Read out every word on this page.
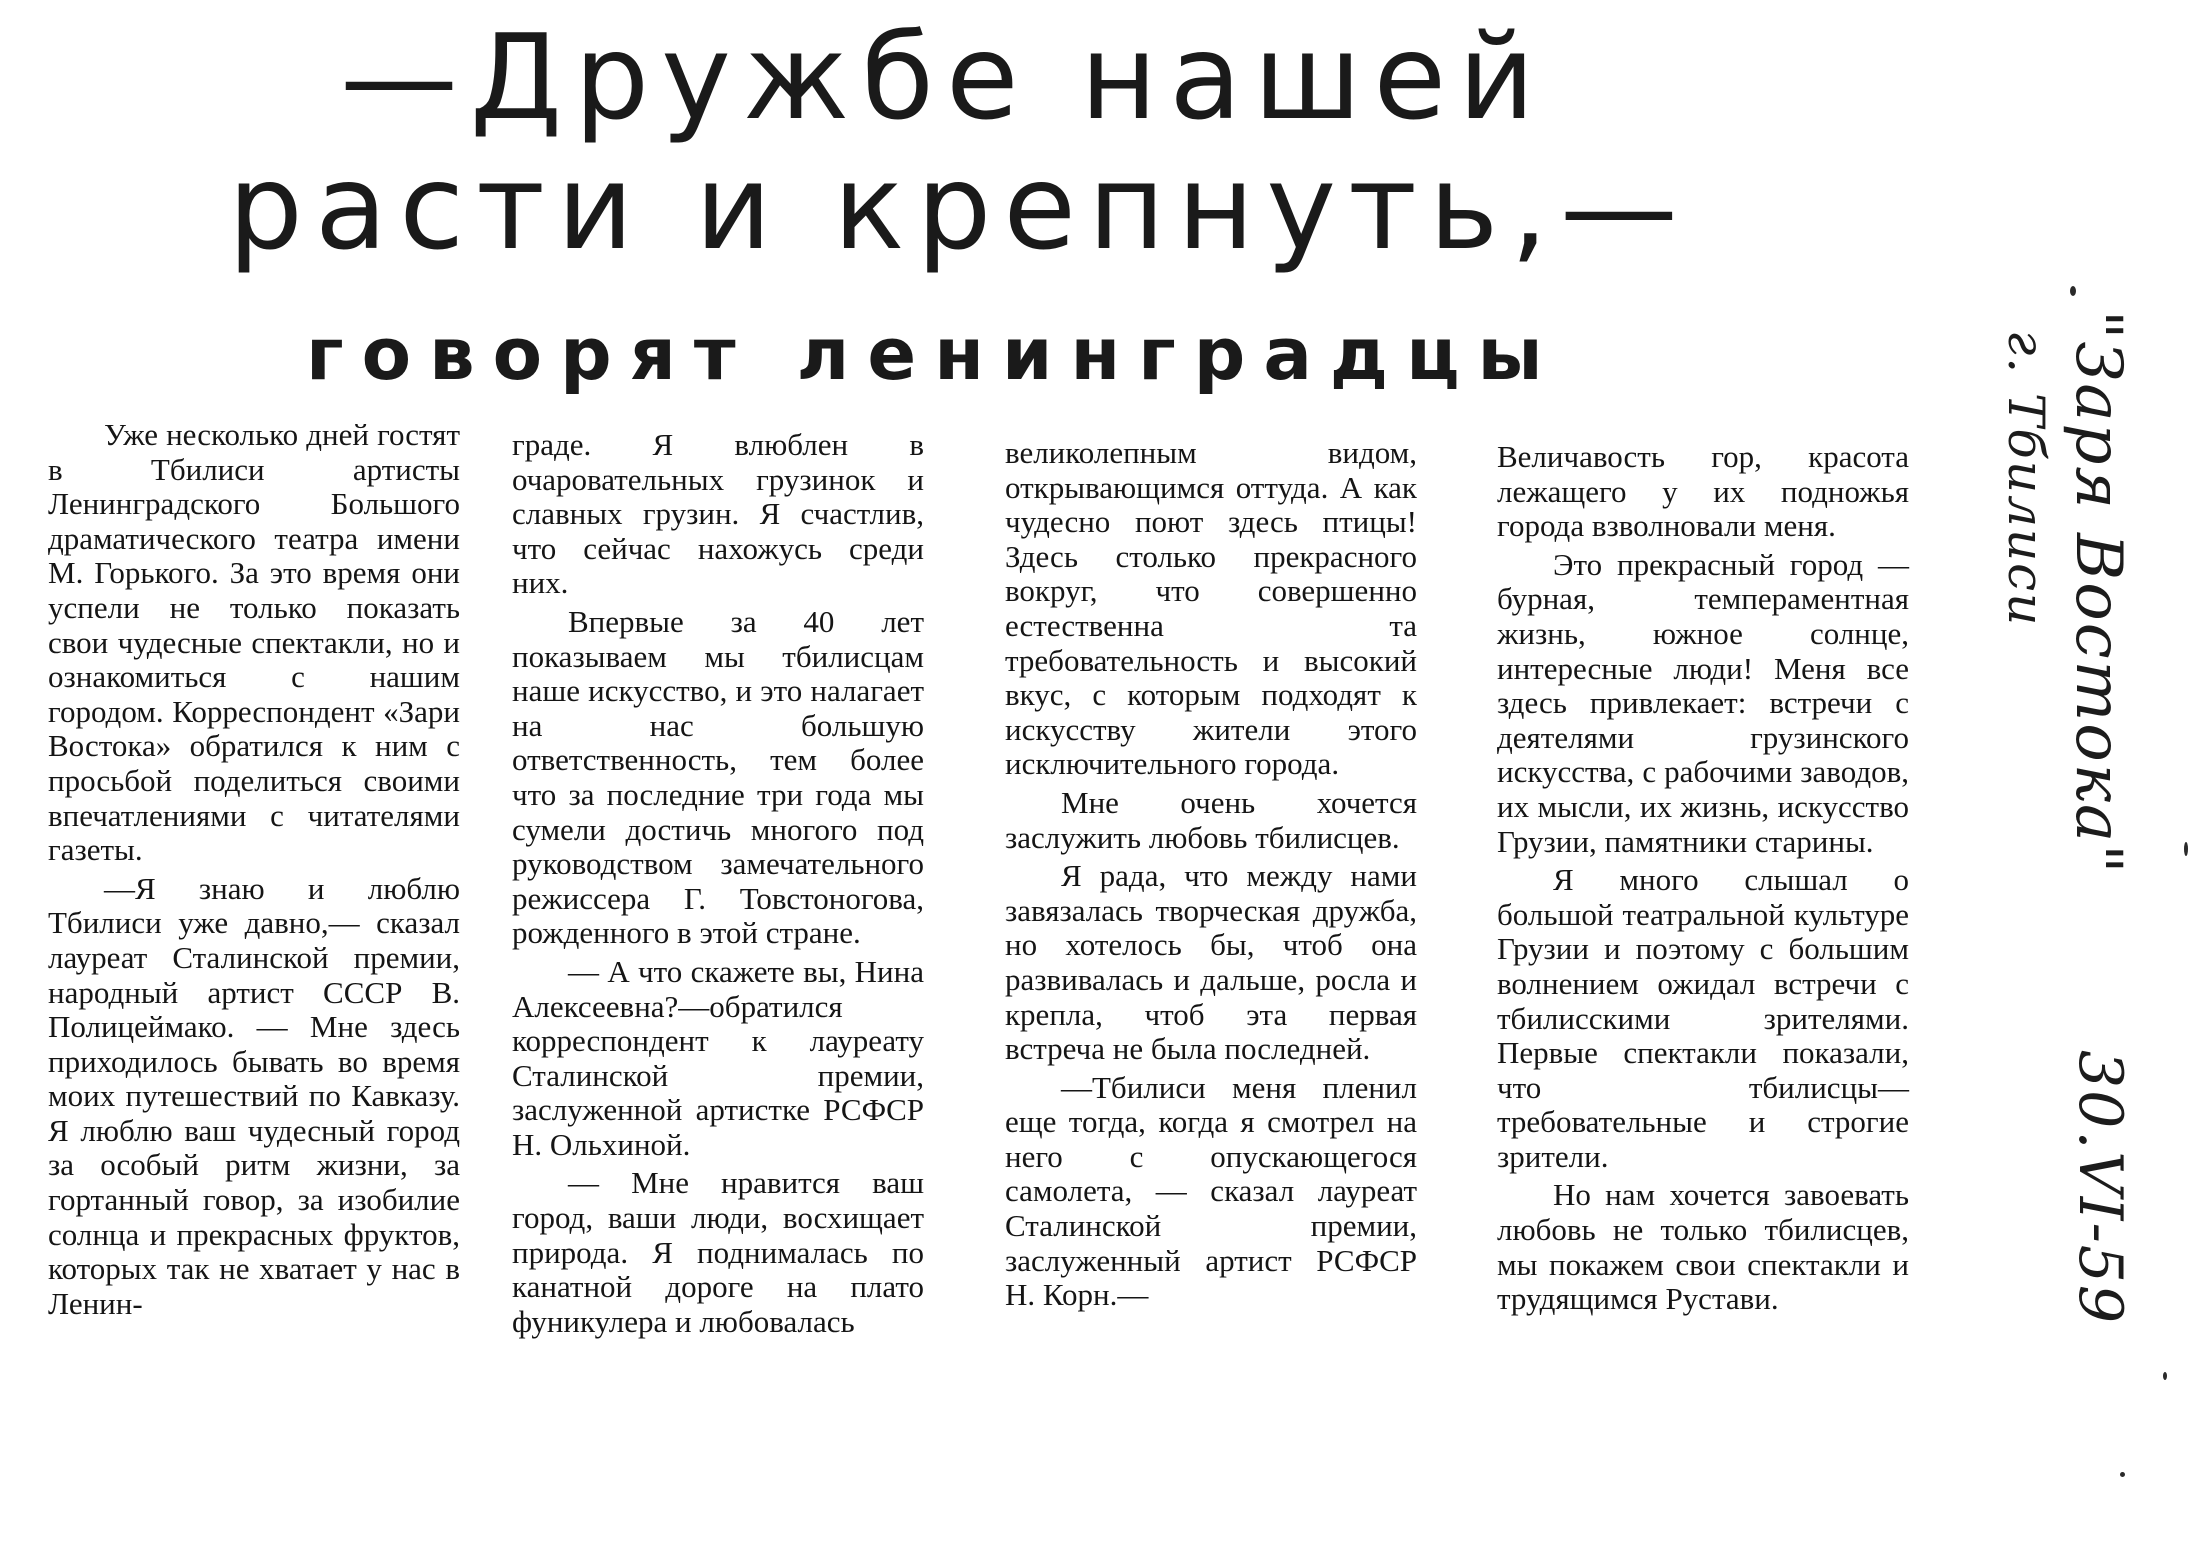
—Дружбе нашей
расти и крепнуть,—
говорят ленинградцы

Уже несколько дней гостят в Тбилиси артисты Ленинградского Большого драматического театра имени М. Горького. За это время они успели не только показать свои чудесные спектакли, но и ознакомиться с нашим городом. Корреспондент «Зари Востока» обратился к ним с просьбой поделиться своими впечатлениями с читателями газеты.

—Я знаю и люблю Тбилиси уже давно,— сказал лауреат Сталинской премии, народный артист СССР В. Полицеймако. — Мне здесь приходилось бывать во время моих путешествий по Кавказу. Я люблю ваш чудесный город за особый ритм жизни, за гортанный говор, за изобилие солнца и прекрасных фруктов, которых так не хватает у нас в Ленин-

граде. Я влюблен в очаровательных грузинок и славных грузин. Я счастлив, что сейчас нахожусь среди них.

Впервые за 40 лет показываем мы тбилисцам наше искусство, и это налагает на нас большую ответственность, тем более что за последние три года мы сумели достичь многого под руководством замечательного режиссера Г. Товстоногова, рожденного в этой стране.

— А что скажете вы, Нина Алексеевна?—обратился корреспондент к лауреату Сталинской премии, заслуженной артистке РСФСР Н. Ольхиной.

— Мне нравится ваш город, ваши люди, восхищает природа. Я поднималась по канатной дороге на плато фуникулера и любовалась

великолепным видом, открывающимся оттуда. А как чудесно поют здесь птицы! Здесь столько прекрасного вокруг, что совершенно естественна та требовательность и высокий вкус, с которым подходят к искусству жители этого исключительного города.

Мне очень хочется заслужить любовь тбилисцев.

Я рада, что между нами завязалась творческая дружба, но хотелось бы, чтоб она развивалась и дальше, росла и крепла, чтоб эта первая встреча не была последней.

—Тбилиси меня пленил еще тогда, когда я смотрел на него с опускающегося самолета, — сказал лауреат Сталинской премии, заслуженный артист РСФСР Н. Корн.—

Величавость гор, красота лежащего у их подножья города взволновали меня.

Это прекрасный город — бурная, темпераментная жизнь, южное солнце, интересные люди! Меня все здесь привлекает: встречи с деятелями грузинского искусства, с рабочими заводов, их мысли, их жизнь, искусство Грузии, памятники старины.

Я много слышал о большой театральной культуре Грузии и поэтому с большим волнением ожидал встречи с тбилисскими зрителями. Первые спектакли показали, что тбилисцы— требовательные и строгие зрители.

Но нам хочется завоевать любовь не только тбилисцев, мы покажем свои спектакли и трудящимся Рустави.

"Заря Востока"
г. Тбилиси
30.VI-59
